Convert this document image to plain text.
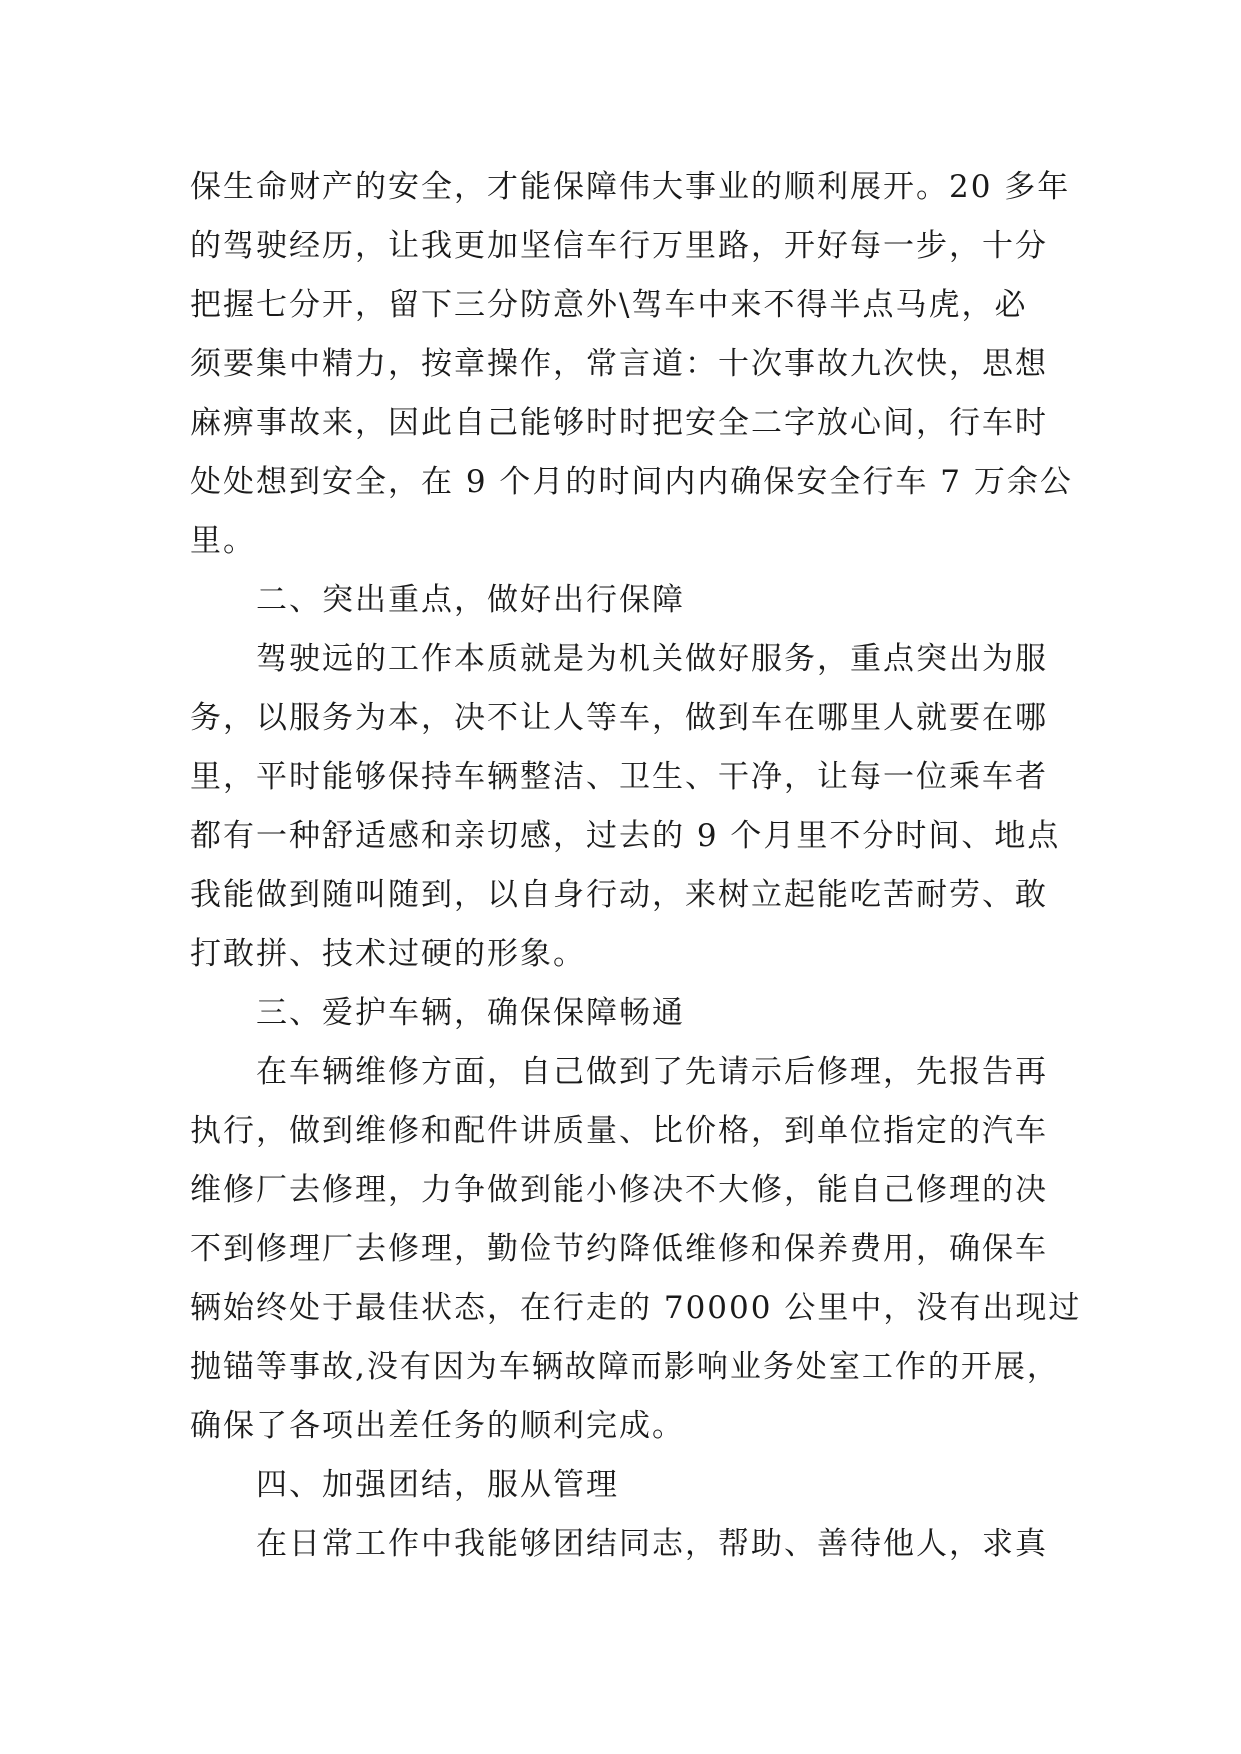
保生命财产的安全，才能保障伟大事业的顺利展开。20 多年
的驾驶经历，让我更加坚信车行万里路，开好每一步，十分
把握七分开，留下三分防意外\驾车中来不得半点马虎，必
须要集中精力，按章操作，常言道：十次事故九次快，思想
麻痹事故来，因此自己能够时时把安全二字放心间，行车时
处处想到安全，在 9 个月的时间内内确保安全行车 7 万余公
里。
二、突出重点，做好出行保障
驾驶远的工作本质就是为机关做好服务，重点突出为服
务，以服务为本，决不让人等车，做到车在哪里人就要在哪
里，平时能够保持车辆整洁、卫生、干净，让每一位乘车者
都有一种舒适感和亲切感，过去的 9 个月里不分时间、地点
我能做到随叫随到，以自身行动，来树立起能吃苦耐劳、敢
打敢拼、技术过硬的形象。
三、爱护车辆，确保保障畅通
在车辆维修方面，自己做到了先请示后修理，先报告再
执行，做到维修和配件讲质量、比价格，到单位指定的汽车
维修厂去修理，力争做到能小修决不大修，能自己修理的决
不到修理厂去修理，勤俭节约降低维修和保养费用，确保车
辆始终处于最佳状态，在行走的 70000 公里中，没有出现过
抛锚等事故,没有因为车辆故障而影响业务处室工作的开展，
确保了各项出差任务的顺利完成。
四、加强团结，服从管理
在日常工作中我能够团结同志，帮助、善待他人，求真
